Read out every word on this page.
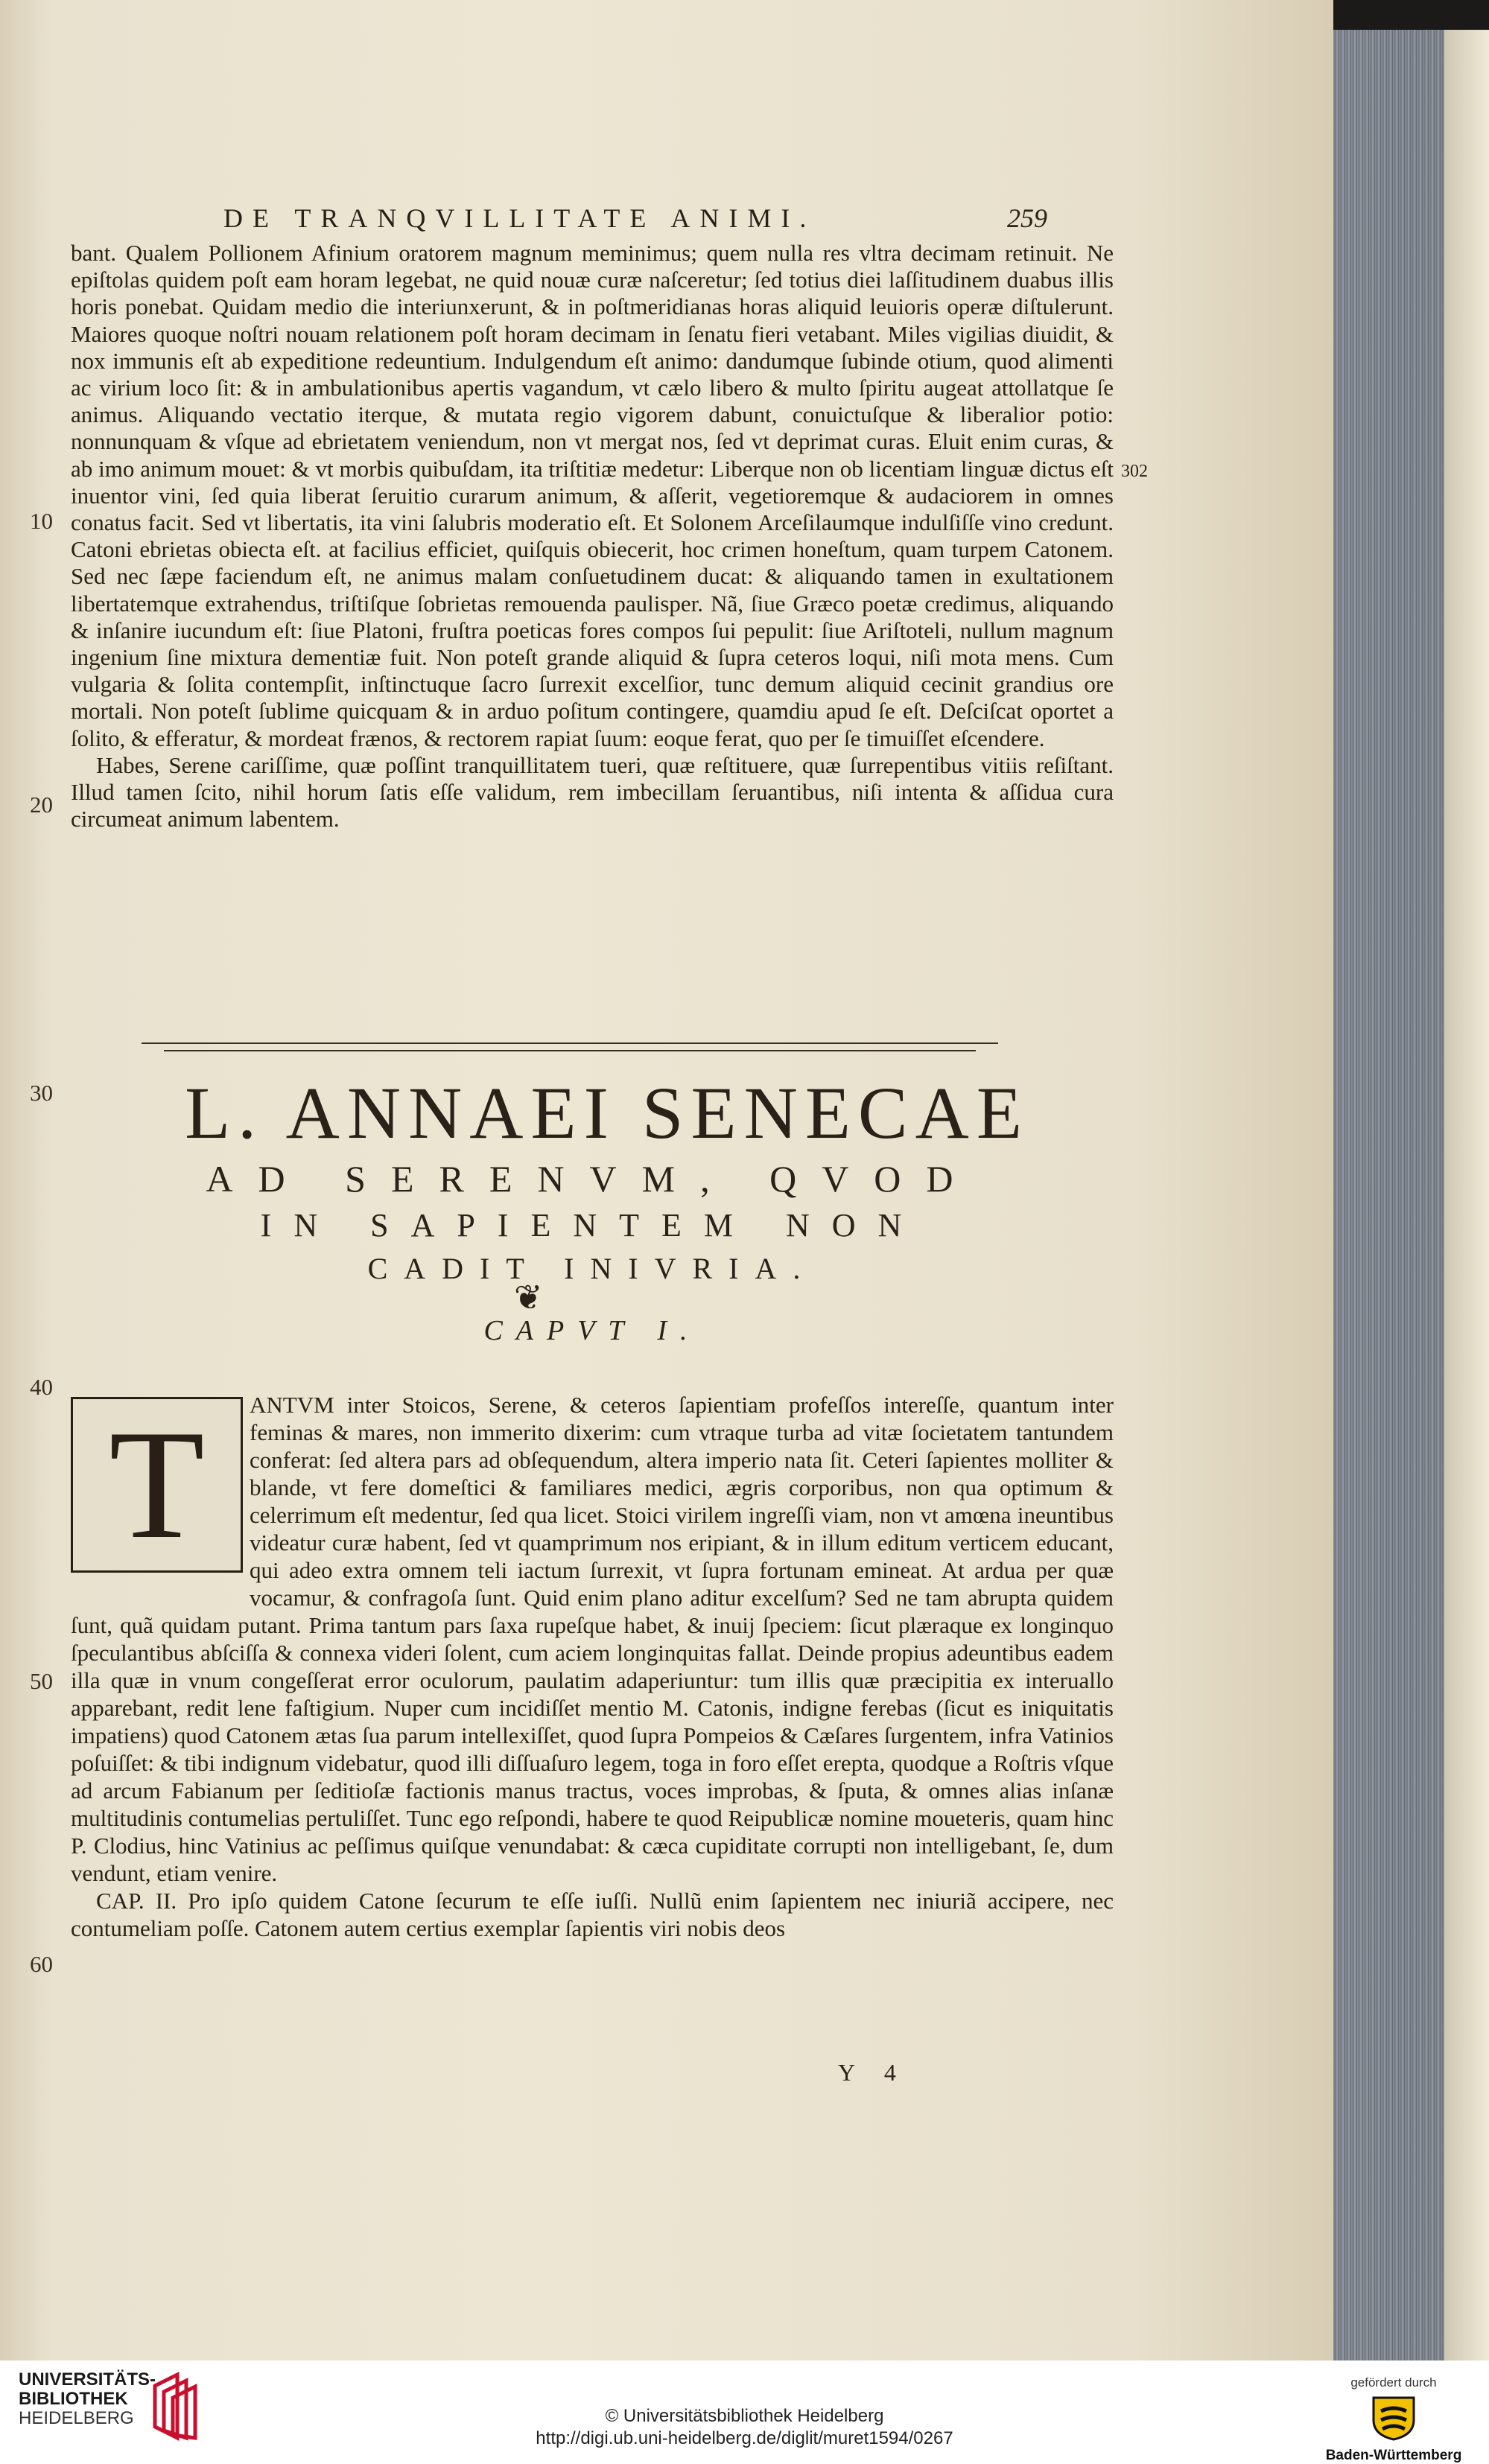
DE TRANQVILLITATE ANIMI.	259
302
10
20
30
40
50
60

bant. Qualem Pollionem Afinium oratorem magnum meminimus; quem nulla res vltra decimam retinuit. Ne epiſtolas quidem poſt eam horam legebat, ne quid nouæ curæ naſceretur; ſed totius diei laſſitudinem duabus illis horis ponebat. Quidam medio die interiunxerunt, & in poſtmeridianas horas aliquid leuioris operæ diſtulerunt. Maiores quoque noſtri nouam relationem poſt horam decimam in ſenatu fieri vetabant. Miles vigilias diuidit, & nox immunis eſt ab expeditione redeuntium. Indulgendum eſt animo: dandumque ſubinde otium, quod alimenti ac virium loco ſit: & in ambulationibus apertis vagandum, vt cælo libero & multo ſpiritu augeat attollatque ſe animus. Aliquando vectatio iterque, & mutata regio vigorem dabunt, conuictuſque & liberalior potio: nonnunquam & vſque ad ebrietatem veniendum, non vt mergat nos, ſed vt deprimat curas. Eluit enim curas, & ab imo animum mouet: & vt morbis quibuſdam, ita triſtitiæ medetur: Liberque non ob licentiam linguæ dictus eſt inuentor vini, ſed quia liberat ſeruitio curarum animum, & aſſerit, vegetioremque & audaciorem in omnes conatus facit. Sed vt libertatis, ita vini ſalubris moderatio eſt. Et Solonem Arceſilaumque indulſiſſe vino credunt. Catoni ebrietas obiecta eſt. at facilius efficiet, quiſquis obiecerit, hoc crimen honeſtum, quam turpem Catonem. Sed nec ſæpe faciendum eſt, ne animus malam conſuetudinem ducat: & aliquando tamen in exultationem libertatemque extrahendus, triſtiſque ſobrietas remouenda paulisper. Nã, ſiue Græco poetæ credimus, aliquando & inſanire iucundum eſt: ſiue Platoni, fruſtra poeticas fores compos ſui pepulit: ſiue Ariſtoteli, nullum magnum ingenium ſine mixtura dementiæ fuit. Non poteſt grande aliquid & ſupra ceteros loqui, niſi mota mens. Cum vulgaria & ſolita contempſit, inſtinctuque ſacro ſurrexit excelſior, tunc demum aliquid cecinit grandius ore mortali. Non poteſt ſublime quicquam & in arduo poſitum contingere, quamdiu apud ſe eſt. Deſciſcat oportet a ſolito, & efferatur, & mordeat frænos, & rectorem rapiat ſuum: eoque ferat, quo per ſe timuiſſet eſcendere.

Habes, Serene cariſſime, quæ poſſint tranquillitatem tueri, quæ reſtituere, quæ ſurrepentibus vitiis reſiſtant. Illud tamen ſcito, nihil horum ſatis eſſe validum, rem imbecillam ſeruantibus, niſi intenta & aſſidua cura circumeat animum labentem.

L. ANNAEI SENECAE
AD SERENVM, QVOD
IN SAPIENTEM NON
CADIT INIVRIA.
❦
CAPVT I.
ANTVM inter Stoicos, Serene, & ceteros ſapientiam profeſſos intereſſe, quantum inter feminas & mares, non immerito dixerim: cum vtraque turba ad vitæ ſocietatem tantundem conferat: ſed altera pars ad obſequendum, altera imperio nata ſit. Ceteri ſapientes molliter & blande, vt fere domeſtici & familiares medici, ægris corporibus, non qua optimum & celerrimum eſt medentur, ſed qua licet. Stoici virilem ingreſſi viam, non vt amœna ineuntibus videatur curæ habent, ſed vt quamprimum nos eripiant, & in illum editum verticem educant, qui adeo extra omnem teli iactum ſurrexit, vt ſupra fortunam emineat. At ardua per quæ vocamur, & confragoſa ſunt. Quid enim plano aditur excelſum? Sed ne tam abrupta quidem ſunt, quã quidam putant. Prima tantum pars ſaxa rupeſque habet, & inuij ſpeciem: ſicut plæraque ex longinquo ſpeculantibus abſciſſa & connexa videri ſolent, cum aciem longinquitas fallat. Deinde propius adeuntibus eadem illa quæ in vnum congeſſerat error oculorum, paulatim adaperiuntur: tum illis quæ præcipitia ex interuallo apparebant, redit lene faſtigium. Nuper cum incidiſſet mentio M. Catonis, indigne ferebas (ſicut es iniquitatis impatiens) quod Catonem ætas ſua parum intellexiſſet, quod ſupra Pompeios & Cæſares ſurgentem, infra Vatinios poſuiſſet: & tibi indignum videbatur, quod illi diſſuaſuro legem, toga in foro eſſet erepta, quodque a Roſtris vſque ad arcum Fabianum per ſeditioſæ factionis manus tractus, voces improbas, & ſputa, & omnes alias inſanæ multitudinis contumelias pertuliſſet. Tunc ego reſpondi, habere te quod Reipublicæ nomine moueteris, quam hinc P. Clodius, hinc Vatinius ac peſſimus quiſque venundabat: & cæca cupiditate corrupti non intelligebant, ſe, dum vendunt, etiam venire.
CAP. II. Pro ipſo quidem Catone ſecurum te eſſe iuſſi. Nullũ enim ſapientem nec iniuriã accipere, nec contumeliam poſſe. Catonem autem certius exemplar ſapientis viri nobis deos
T
Y 4
UNIVERSITÄTS-
BIBLIOTHEK
HEIDELBERG	© Universitätsbibliothek Heidelberg
http://digi.ub.uni-heidelberg.de/diglit/muret1594/0267
gefördert durch
Baden-Württemberg
